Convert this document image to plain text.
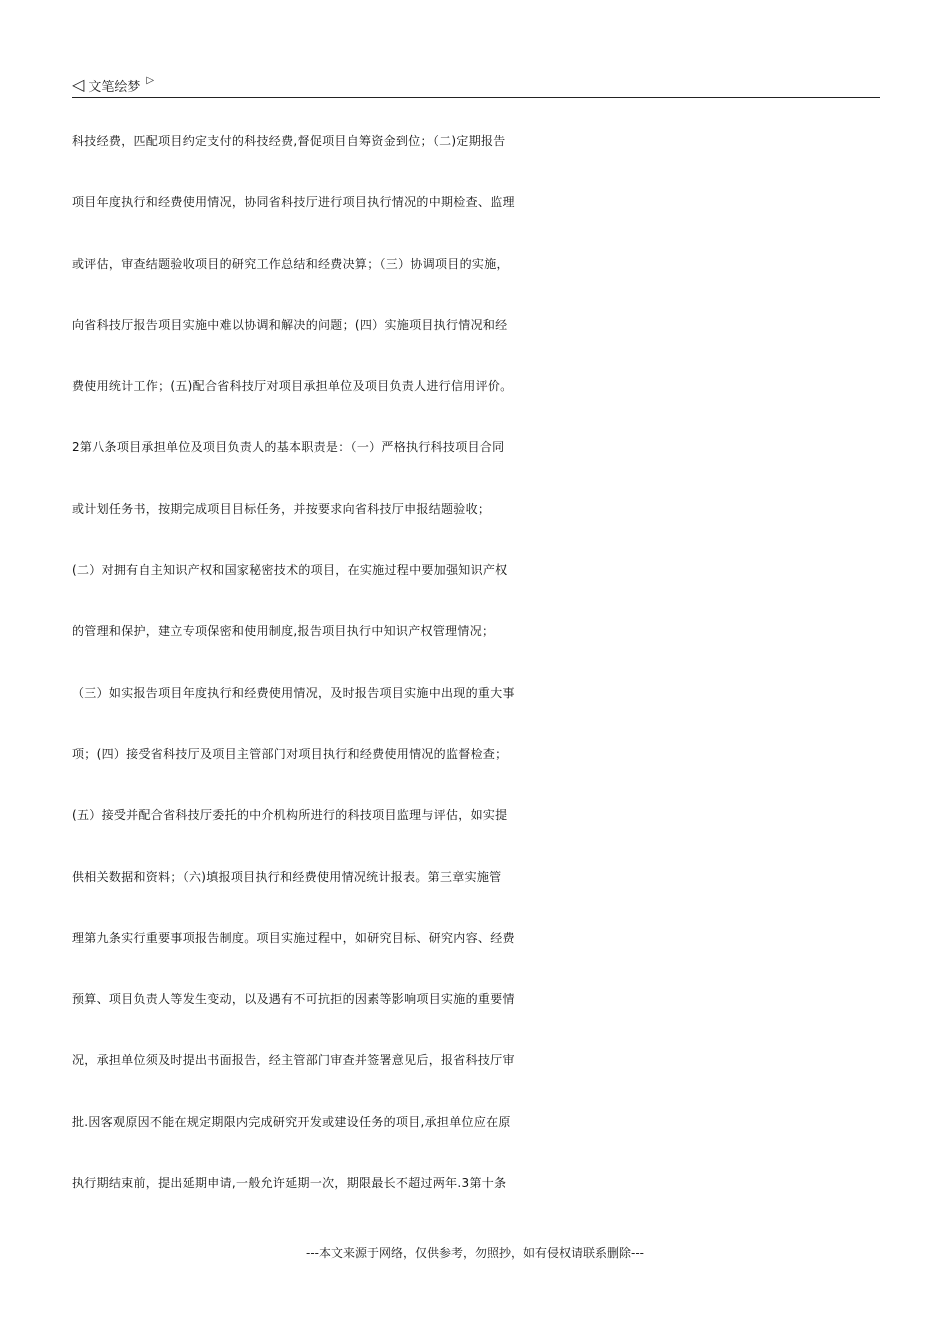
◁ 文笔绘梦 ▷
科技经费，匹配项目约定支付的科技经费,督促项目自筹资金到位；（二)定期报告
项目年度执行和经费使用情况，协同省科技厅进行项目执行情况的中期检查、监理
或评估，审查结题验收项目的研究工作总结和经费决算；（三）协调项目的实施，
向省科技厅报告项目实施中难以协调和解决的问题；(四）实施项目执行情况和经
费使用统计工作；(五)配合省科技厅对项目承担单位及项目负责人进行信用评价。
2第八条项目承担单位及项目负责人的基本职责是：（一）严格执行科技项目合同
或计划任务书，按期完成项目目标任务，并按要求向省科技厅申报结题验收；
(二）对拥有自主知识产权和国家秘密技术的项目，在实施过程中要加强知识产权
的管理和保护，建立专项保密和使用制度,报告项目执行中知识产权管理情况；
（三）如实报告项目年度执行和经费使用情况，及时报告项目实施中出现的重大事
项；(四）接受省科技厅及项目主管部门对项目执行和经费使用情况的监督检查；
(五）接受并配合省科技厅委托的中介机构所进行的科技项目监理与评估，如实提
供相关数据和资料；（六)填报项目执行和经费使用情况统计报表。第三章实施管
理第九条实行重要事项报告制度。项目实施过程中，如研究目标、研究内容、经费
预算、项目负责人等发生变动，以及遇有不可抗拒的因素等影响项目实施的重要情
况，承担单位须及时提出书面报告，经主管部门审查并签署意见后，报省科技厅审
批.因客观原因不能在规定期限内完成研究开发或建设任务的项目,承担单位应在原
执行期结束前，提出延期申请,一般允许延期一次，期限最长不超过两年.3第十条
---本文来源于网络，仅供参考，勿照抄，如有侵权请联系删除---
